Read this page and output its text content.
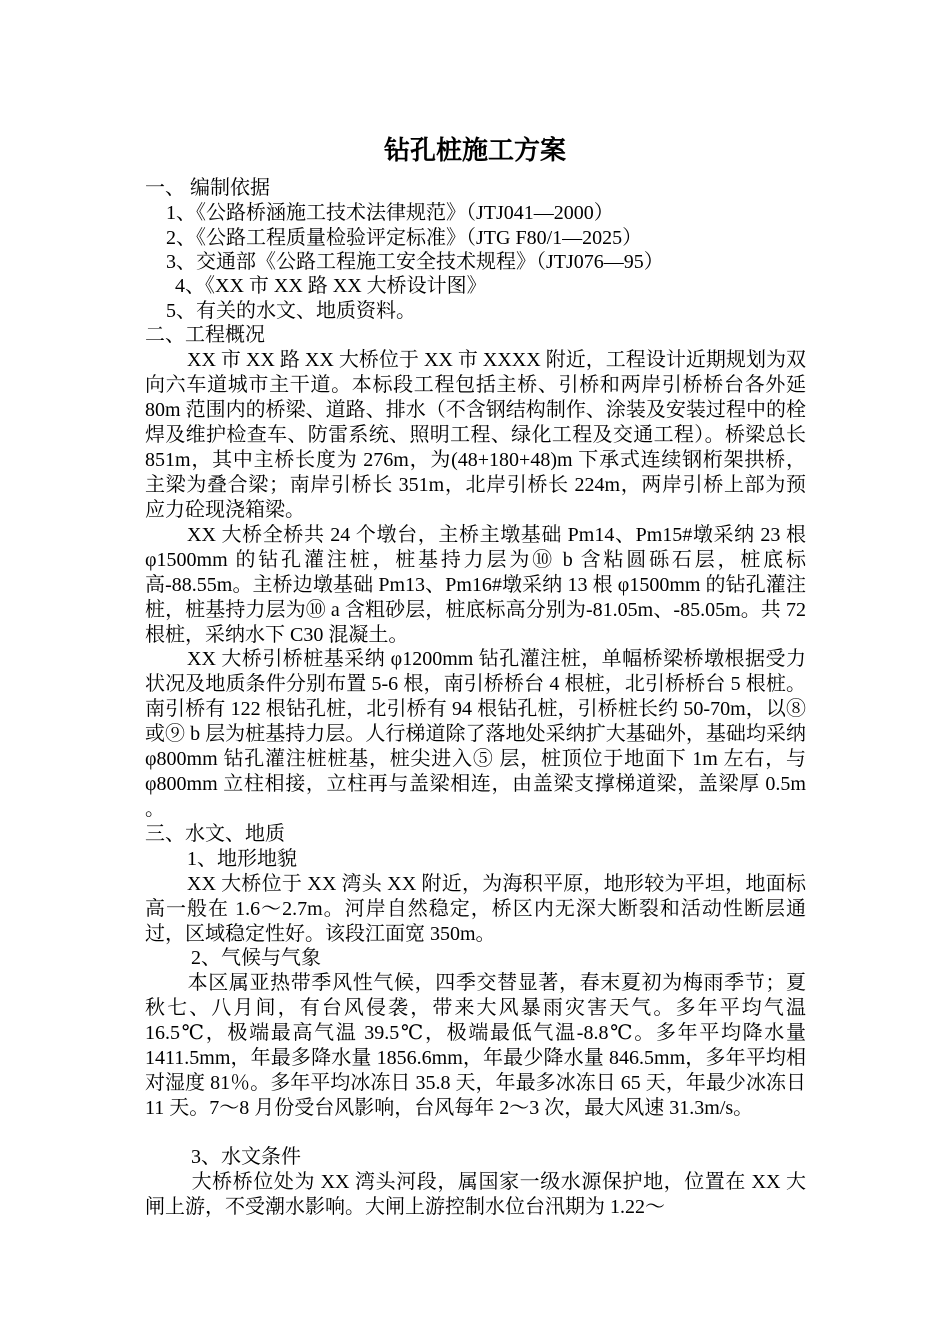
钻孔桩施工方案
一、 编制依据
1、《公路桥涵施工技术法律规范》（JTJ041—2000）
2、《公路工程质量检验评定标准》（JTG F80/1—2025）
3、交通部《公路工程施工安全技术规程》（JTJ076—95）
4、《XX 市 XX 路 XX 大桥设计图》
5、有关的水文、地质资料。
二、工程概况
XX 市 XX 路 XX 大桥位于 XX 市 XXXX 附近，工程设计近期规划为双向六车道城市主干道。本标段工程包括主桥、引桥和两岸引桥桥台各外延 80m 范围内的桥梁、道路、排水（不含钢结构制作、涂装及安装过程中的栓焊及维护检查车、防雷系统、照明工程、绿化工程及交通工程）。桥梁总长 851m，其中主桥长度为 276m，为(48+180+48)m 下承式连续钢桁架拱桥，主梁为叠合梁；南岸引桥长 351m，北岸引桥长 224m，两岸引桥上部为预应力砼现浇箱梁。
XX 大桥全桥共 24 个墩台，主桥主墩基础 Pm14、Pm15#墩采纳 23 根 φ1500mm 的钻孔灌注桩，桩基持力层为⑩ b 含粘圆砾石层，桩底标高-88.55m。主桥边墩基础 Pm13、Pm16#墩采纳 13 根 φ1500mm 的钻孔灌注桩，桩基持力层为⑩ a 含粗砂层，桩底标高分别为-81.05m、-85.05m。共 72 根桩，采纳水下 C30 混凝土。
XX 大桥引桥桩基采纳 φ1200mm 钻孔灌注桩，单幅桥梁桥墩根据受力状况及地质条件分别布置 5-6 根，南引桥桥台 4 根桩，北引桥桥台 5 根桩。南引桥有 122 根钻孔桩，北引桥有 94 根钻孔桩，引桥桩长约 50-70m，以⑧或⑨ b 层为桩基持力层。人行梯道除了落地处采纳扩大基础外，基础均采纳 φ800mm 钻孔灌注桩桩基，桩尖进入⑤ 层，桩顶位于地面下 1m 左右，与 φ800mm 立柱相接，立柱再与盖梁相连，由盖梁支撑梯道梁，盖梁厚 0.5m 。
三、水文、地质
1、地形地貌
XX 大桥位于 XX 湾头 XX 附近，为海积平原，地形较为平坦，地面标高一般在 1.6～2.7m。河岸自然稳定，桥区内无深大断裂和活动性断层通过，区域稳定性好。该段江面宽 350m。
2、气候与气象
本区属亚热带季风性气候，四季交替显著，春末夏初为梅雨季节；夏秋七、八月间，有台风侵袭，带来大风暴雨灾害天气。多年平均气温 16.5℃，极端最高气温 39.5℃，极端最低气温-8.8℃。多年平均降水量 1411.5mm，年最多降水量 1856.6mm，年最少降水量 846.5mm，多年平均相对湿度 81％。多年平均冰冻日 35.8 天，年最多冰冻日 65 天，年最少冰冻日 11 天。7～8 月份受台风影响，台风每年 2～3 次，最大风速 31.3m/s。
3、水文条件
大桥桥位处为 XX 湾头河段，属国家一级水源保护地，位置在 XX 大闸上游，不受潮水影响。大闸上游控制水位台汛期为 1.22～
